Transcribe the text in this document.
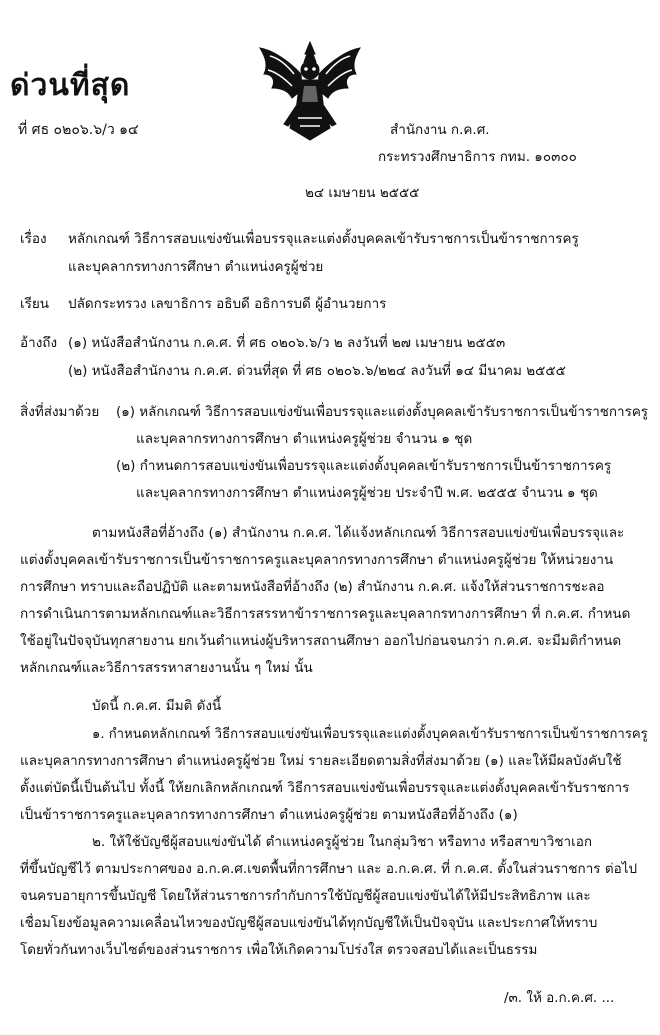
ด่วนที่สุด
ที่ ศธ ๐๒๐๖.๖/ว ๑๔	สำนักงาน ก.ค.ศ.
กระทรวงศึกษาธิการ กทม. ๑๐๓๐๐
๒๔ เมษายน ๒๕๕๕
เรื่อง หลักเกณฑ์ วิธีการสอบแข่งขันเพื่อบรรจุและแต่งตั้งบุคคลเข้ารับราชการเป็นข้าราชการครู
และบุคลากรทางการศึกษา ตำแหน่งครูผู้ช่วย
เรียน ปลัดกระทรวง เลขาธิการ อธิบดี อธิการบดี ผู้อำนวยการ
อ้างถึง (๑) หนังสือสำนักงาน ก.ค.ศ. ที่ ศธ ๐๒๐๖.๖/ว ๒ ลงวันที่ ๒๗ เมษายน ๒๕๕๓
(๒) หนังสือสำนักงาน ก.ค.ศ. ด่วนที่สุด ที่ ศธ ๐๒๐๖.๖/๒๒๔ ลงวันที่ ๑๔ มีนาคม ๒๕๕๕
สิ่งที่ส่งมาด้วย (๑) หลักเกณฑ์ วิธีการสอบแข่งขันเพื่อบรรจุและแต่งตั้งบุคคลเข้ารับราชการเป็นข้าราชการครู
และบุคลากรทางการศึกษา ตำแหน่งครูผู้ช่วย จำนวน ๑ ชุด
(๒) กำหนดการสอบแข่งขันเพื่อบรรจุและแต่งตั้งบุคคลเข้ารับราชการเป็นข้าราชการครู
และบุคลากรทางการศึกษา ตำแหน่งครูผู้ช่วย ประจำปี พ.ศ. ๒๕๕๕ จำนวน ๑ ชุด
ตามหนังสือที่อ้างถึง (๑) สำนักงาน ก.ค.ศ. ได้แจ้งหลักเกณฑ์ วิธีการสอบแข่งขันเพื่อบรรจุและ
แต่งตั้งบุคคลเข้ารับราชการเป็นข้าราชการครูและบุคลากรทางการศึกษา ตำแหน่งครูผู้ช่วย ให้หน่วยงาน
การศึกษา ทราบและถือปฏิบัติ และตามหนังสือที่อ้างถึง (๒) สำนักงาน ก.ค.ศ. แจ้งให้ส่วนราชการชะลอ
การดำเนินการตามหลักเกณฑ์และวิธีการสรรหาข้าราชการครูและบุคลากรทางการศึกษา ที่ ก.ค.ศ. กำหนด
ใช้อยู่ในปัจจุบันทุกสายงาน ยกเว้นตำแหน่งผู้บริหารสถานศึกษา ออกไปก่อนจนกว่า ก.ค.ศ. จะมีมติกำหนด
หลักเกณฑ์และวิธีการสรรหาสายงานนั้น ๆ ใหม่ นั้น
บัดนี้ ก.ค.ศ. มีมติ ดังนี้
๑. กำหนดหลักเกณฑ์ วิธีการสอบแข่งขันเพื่อบรรจุและแต่งตั้งบุคคลเข้ารับราชการเป็นข้าราชการครู
และบุคลากรทางการศึกษา ตำแหน่งครูผู้ช่วย ใหม่ รายละเอียดตามสิ่งที่ส่งมาด้วย (๑) และให้มีผลบังคับใช้
ตั้งแต่บัดนี้เป็นต้นไป ทั้งนี้ ให้ยกเลิกหลักเกณฑ์ วิธีการสอบแข่งขันเพื่อบรรจุและแต่งตั้งบุคคลเข้ารับราชการ
เป็นข้าราชการครูและบุคลากรทางการศึกษา ตำแหน่งครูผู้ช่วย ตามหนังสือที่อ้างถึง (๑)
๒. ให้ใช้บัญชีผู้สอบแข่งขันได้ ตำแหน่งครูผู้ช่วย ในกลุ่มวิชา หรือทาง หรือสาขาวิชาเอก
ที่ขึ้นบัญชีไว้ ตามประกาศของ อ.ก.ค.ศ.เขตพื้นที่การศึกษา และ อ.ก.ค.ศ. ที่ ก.ค.ศ. ตั้งในส่วนราชการ ต่อไป
จนครบอายุการขึ้นบัญชี โดยให้ส่วนราชการกำกับการใช้บัญชีผู้สอบแข่งขันได้ให้มีประสิทธิภาพ และ
เชื่อมโยงข้อมูลความเคลื่อนไหวของบัญชีผู้สอบแข่งขันได้ทุกบัญชีให้เป็นปัจจุบัน และประกาศให้ทราบ
โดยทั่วกันทางเว็บไซต์ของส่วนราชการ เพื่อให้เกิดความโปร่งใส ตรวจสอบได้และเป็นธรรม
/๓. ให้ อ.ก.ค.ศ. ...
